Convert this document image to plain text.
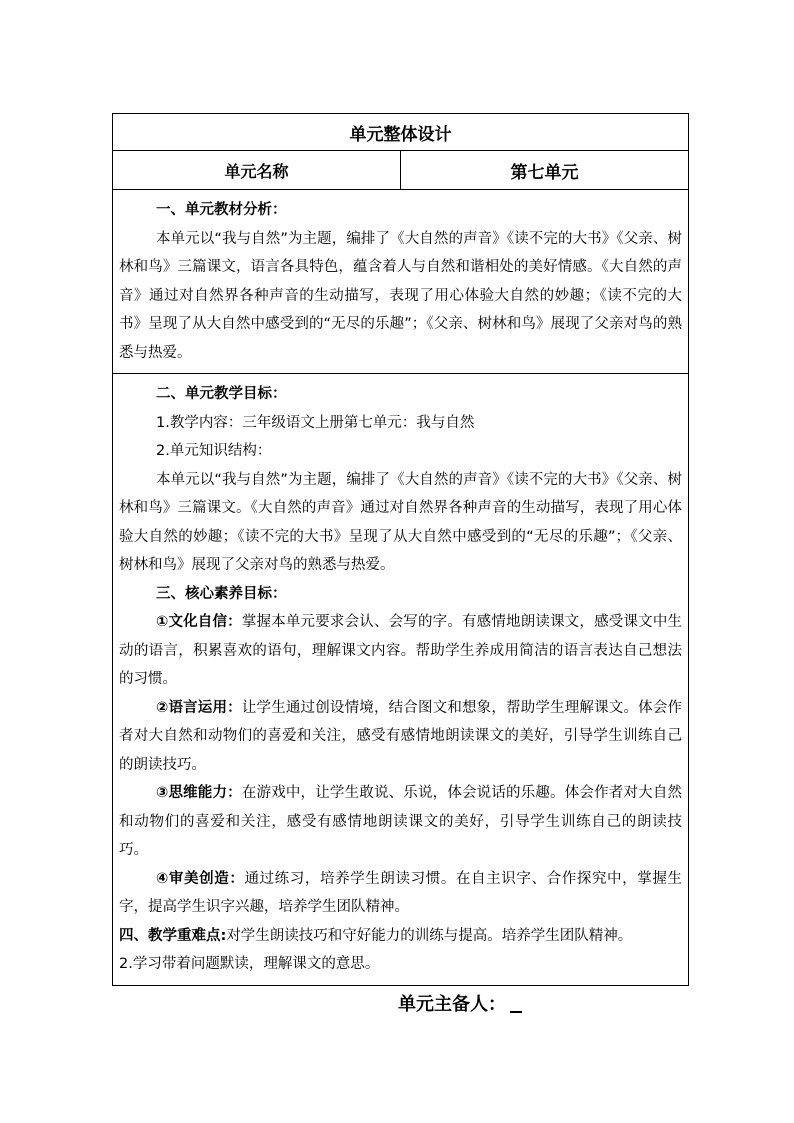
单元整体设计
单元名称	第七单元

一、单元教材分析：
本单元以“我与自然”为主题，编排了《大自然的声音》《读不完的大书》《父亲、树林和鸟》三篇课文，语言各具特色，蕴含着人与自然和谐相处的美好情感。《大自然的声音》通过对自然界各种声音的生动描写，表现了用心体验大自然的妙趣；《读不完的大书》呈现了从大自然中感受到的“无尽的乐趣”；《父亲、树林和鸟》展现了父亲对鸟的熟悉与热爱。

二、单元教学目标：
1.教学内容：三年级语文上册第七单元：我与自然
2.单元知识结构：
本单元以“我与自然”为主题，编排了《大自然的声音》《读不完的大书》《父亲、树林和鸟》三篇课文。《大自然的声音》通过对自然界各种声音的生动描写，表现了用心体验大自然的妙趣；《读不完的大书》呈现了从大自然中感受到的“无尽的乐趣”；《父亲、树林和鸟》展现了父亲对鸟的熟悉与热爱。
三、核心素养目标：
①文化自信：掌握本单元要求会认、会写的字。有感情地朗读课文，感受课文中生动的语言，积累喜欢的语句，理解课文内容。帮助学生养成用简洁的语言表达自己想法的习惯。
②语言运用：让学生通过创设情境，结合图文和想象，帮助学生理解课文。体会作者对大自然和动物们的喜爱和关注，感受有感情地朗读课文的美好，引导学生训练自己的朗读技巧。
③思维能力：在游戏中，让学生敢说、乐说，体会说话的乐趣。体会作者对大自然和动物们的喜爱和关注，感受有感情地朗读课文的美好，引导学生训练自己的朗读技巧。
④审美创造：通过练习，培养学生朗读习惯。在自主识字、合作探究中，掌握生字，提高学生识字兴趣，培养学生团队精神。
四、教学重难点:对学生朗读技巧和守好能力的训练与提高。培养学生团队精神。
2.学习带着问题默读，理解课文的意思。
单元主备人：
